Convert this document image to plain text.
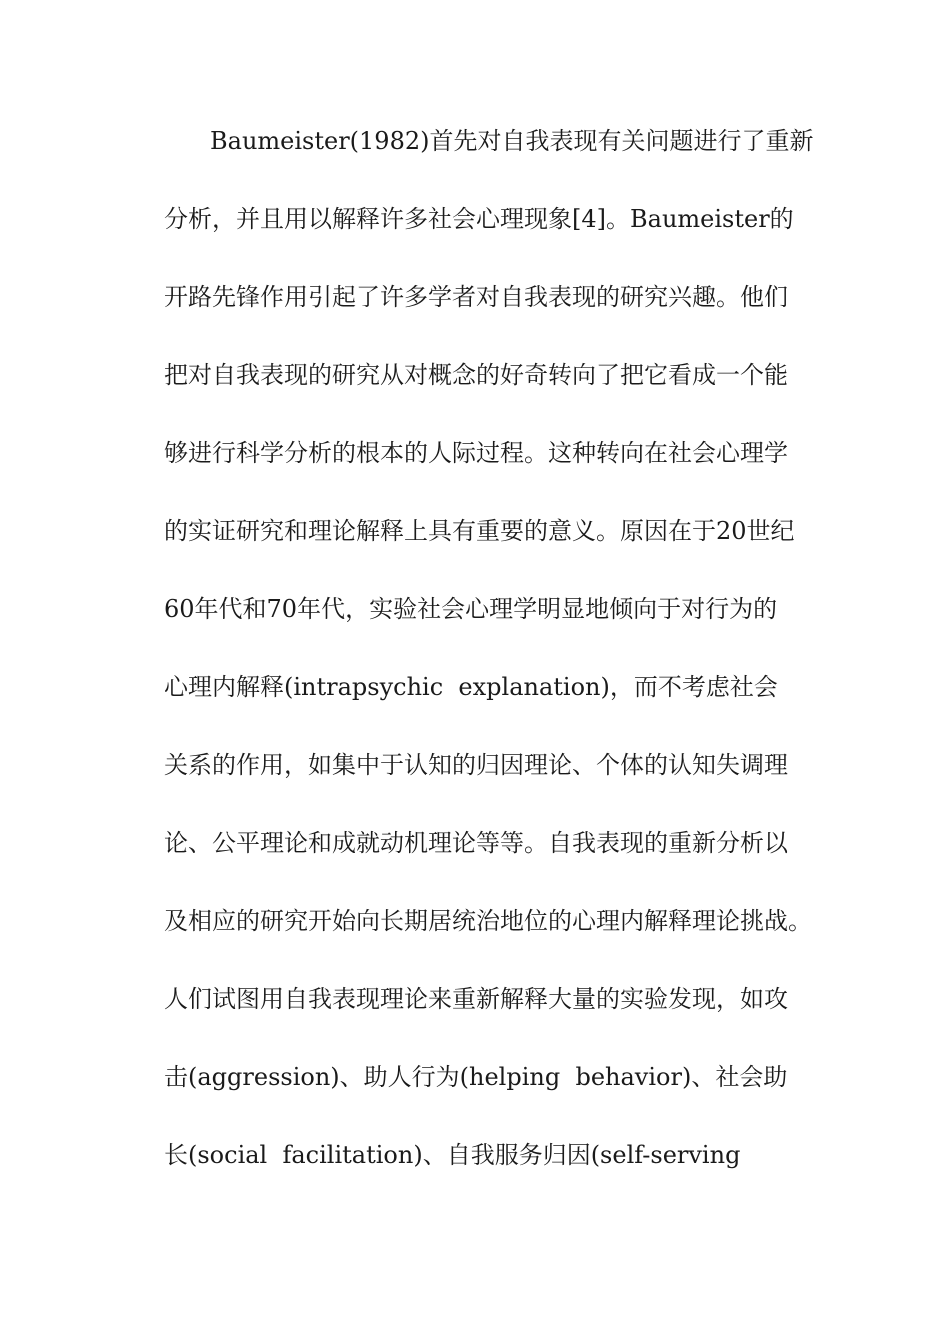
Baumeister(1982)首先对自我表现有关问题进行了重新
分析，并且用以解释许多社会心理现象[4]。Baumeister的
开路先锋作用引起了许多学者对自我表现的研究兴趣。他们
把对自我表现的研究从对概念的好奇转向了把它看成一个能
够进行科学分析的根本的人际过程。这种转向在社会心理学
的实证研究和理论解释上具有重要的意义。原因在于20世纪
60年代和70年代，实验社会心理学明显地倾向于对行为的
心理内解释(intrapsychic  explanation)，而不考虑社会
关系的作用，如集中于认知的归因理论、个体的认知失调理
论、公平理论和成就动机理论等等。自我表现的重新分析以
及相应的研究开始向长期居统治地位的心理内解释理论挑战。
人们试图用自我表现理论来重新解释大量的实验发现，如攻
击(aggression)、助人行为(helping  behavior)、社会助
长(social  facilitation)、自我服务归因(self-serving
